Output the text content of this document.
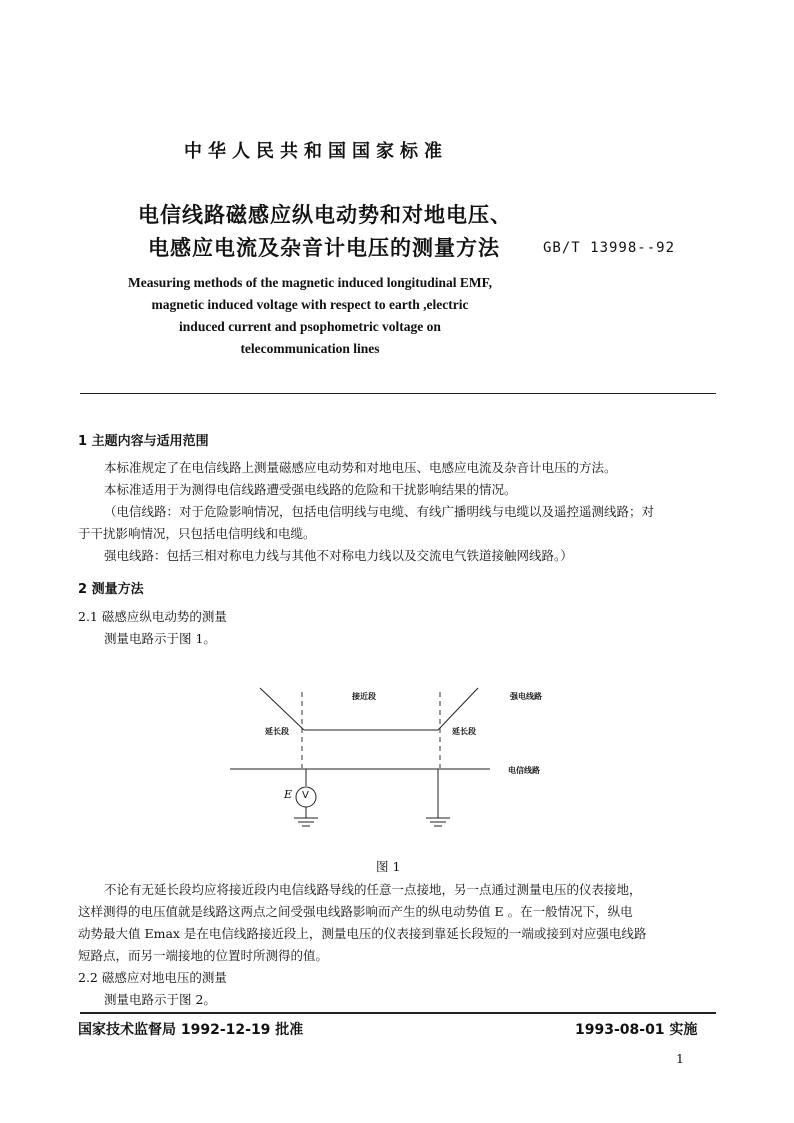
中华人民共和国国家标准
电信线路磁感应纵电动势和对地电压、
电感应电流及杂音计电压的测量方法	GB/T 13998--92
Measuring methods of the magnetic induced longitudinal EMF,
magnetic induced voltage with respect to earth ,electric
induced current and psophometric voltage on
telecommunication lines
1 主题内容与适用范围
本标准规定了在电信线路上测量磁感应电动势和对地电压、电感应电流及杂音计电压的方法。
本标准适用于为测得电信线路遭受强电线路的危险和干扰影响结果的情况。
（电信线路：对于危险影响情况，包括电信明线与电缆、有线广播明线与电缆以及遥控遥测线路；对
于干扰影响情况，只包括电信明线和电缆。
强电线路：包括三相对称电力线与其他不对称电力线以及交流电气铁道接触网线路。）
2 测量方法
2.1 磁感应纵电动势的测量
测量电路示于图 1。
接近段	强电线路
延长段	延长段
电信线路
E V
图 1
不论有无延长段均应将接近段内电信线路导线的任意一点接地，另一点通过测量电压的仪表接地，
这样测得的电压值就是线路这两点之间受强电线路影响而产生的纵电动势值 E 。在一般情况下，纵电
动势最大值 Emax 是在电信线路接近段上，测量电压的仪表接到靠延长段短的一端或接到对应强电线路
短路点，而另一端接地的位置时所测得的值。
2.2 磁感应对地电压的测量
测量电路示于图 2。
国家技术监督局 1992-12-19 批准	1993-08-01 实施
1
